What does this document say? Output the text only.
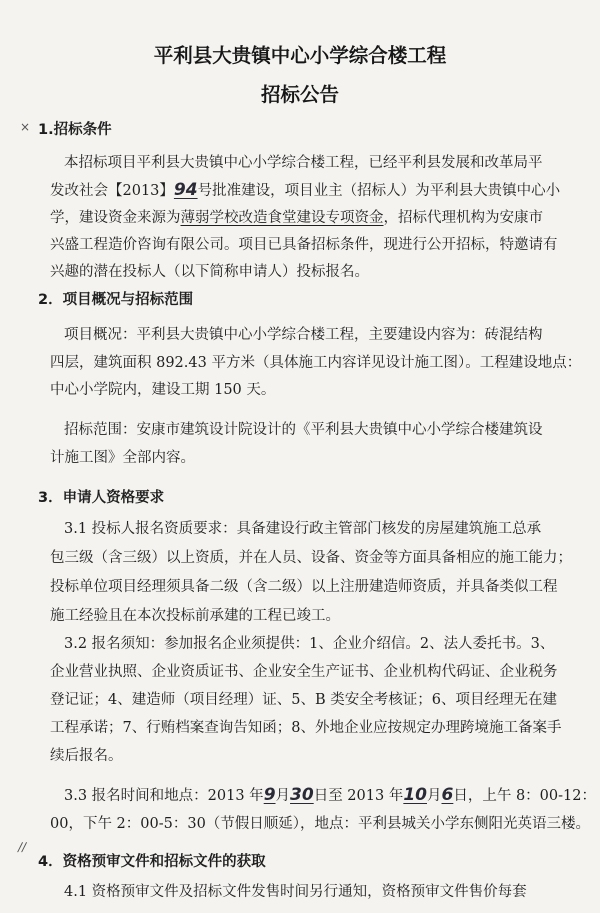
平利县大贵镇中心小学综合楼工程
招标公告
× 1.招标条件
本招标项目平利县大贵镇中心小学综合楼工程，已经平利县发展和改革局平
发改社会【2013】94号批准建设，项目业主（招标人）为平利县大贵镇中心小
学，建设资金来源为薄弱学校改造食堂建设专项资金，招标代理机构为安康市
兴盛工程造价咨询有限公司。项目已具备招标条件，现进行公开招标，特邀请有
兴趣的潜在投标人（以下简称申请人）投标报名。
2．项目概况与招标范围
项目概况：平利县大贵镇中心小学综合楼工程，主要建设内容为：砖混结构
四层，建筑面积 892.43 平方米（具体施工内容详见设计施工图）。工程建设地点：
中心小学院内，建设工期 150 天。
招标范围：安康市建筑设计院设计的《平利县大贵镇中心小学综合楼建筑设
计施工图》全部内容。
3．申请人资格要求
3.1 投标人报名资质要求：具备建设行政主管部门核发的房屋建筑施工总承
包三级（含三级）以上资质，并在人员、设备、资金等方面具备相应的施工能力；
投标单位项目经理须具备二级（含二级）以上注册建造师资质，并具备类似工程
施工经验且在本次投标前承建的工程已竣工。
3.2 报名须知：参加报名企业须提供：1、企业介绍信。2、法人委托书。3、
企业营业执照、企业资质证书、企业安全生产证书、企业机构代码证、企业税务
登记证；4、建造师（项目经理）证、5、B 类安全考核证；6、项目经理无在建
工程承诺；7、行贿档案查询告知函；8、外地企业应按规定办理跨境施工备案手
续后报名。
3.3 报名时间和地点：2013 年9月30日至 2013 年10月6日，上午 8：00-12：
00，下午 2：00-5：30（节假日顺延），地点：平利县城关小学东侧阳光英语三楼。
∕∕
4．资格预审文件和招标文件的获取
4.1 资格预审文件及招标文件发售时间另行通知，资格预审文件售价每套
